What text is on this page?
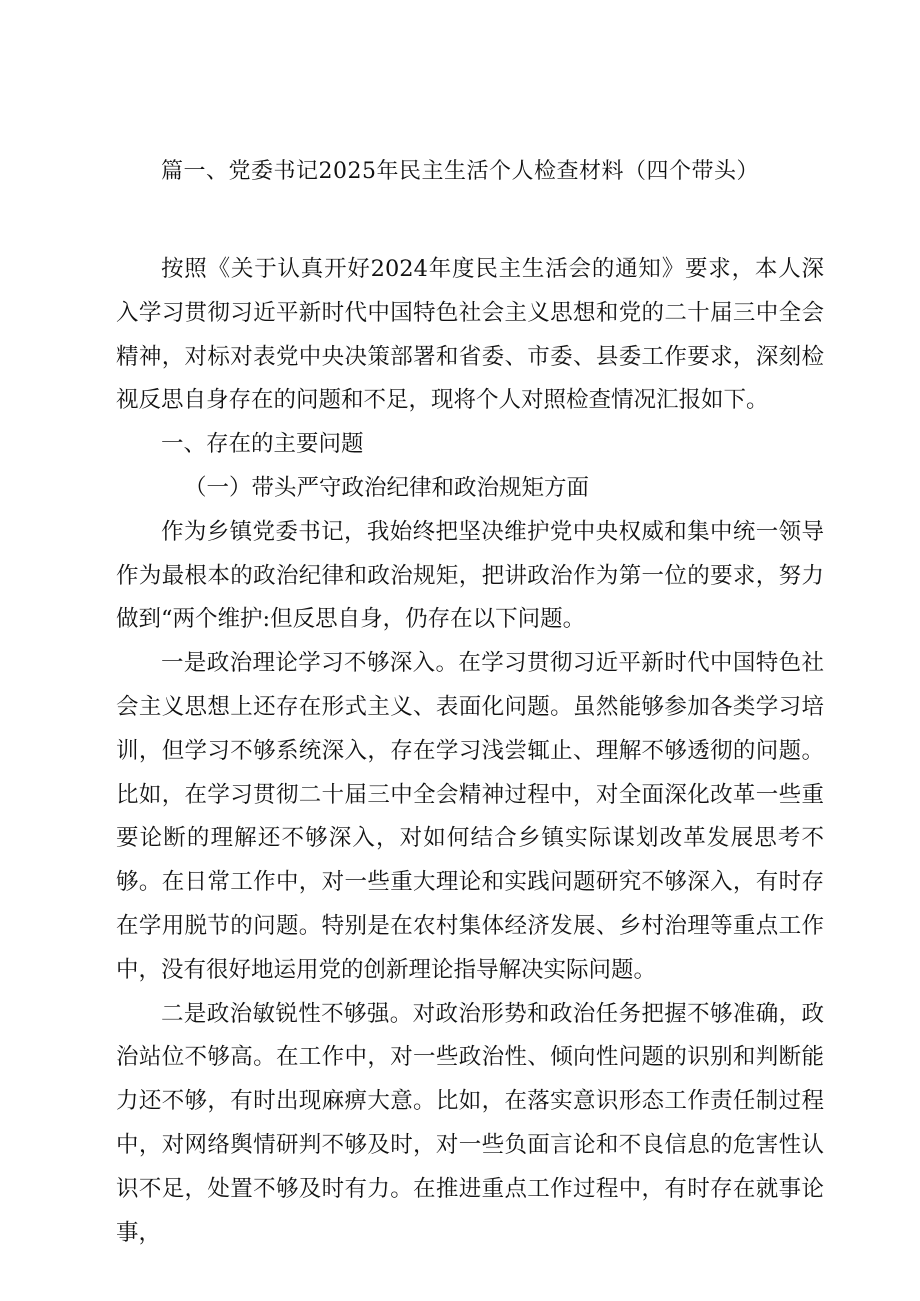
篇一、党委书记2025年民主生活个人检查材料（四个带头）

按照《关于认真开好2024年度民主生活会的通知》要求，本人深入学习贯彻习近平新时代中国特色社会主义思想和党的二十届三中全会精神，对标对表党中央决策部署和省委、市委、县委工作要求，深刻检视反思自身存在的问题和不足，现将个人对照检查情况汇报如下。

一、存在的主要问题

（一）带头严守政治纪律和政治规矩方面

作为乡镇党委书记，我始终把坚决维护党中央权威和集中统一领导作为最根本的政治纪律和政治规矩，把讲政治作为第一位的要求，努力做到“两个维护:但反思自身，仍存在以下问题。

一是政治理论学习不够深入。在学习贯彻习近平新时代中国特色社会主义思想上还存在形式主义、表面化问题。虽然能够参加各类学习培训，但学习不够系统深入，存在学习浅尝辄止、理解不够透彻的问题。比如，在学习贯彻二十届三中全会精神过程中，对全面深化改革一些重要论断的理解还不够深入，对如何结合乡镇实际谋划改革发展思考不够。在日常工作中，对一些重大理论和实践问题研究不够深入，有时存在学用脱节的问题。特别是在农村集体经济发展、乡村治理等重点工作中，没有很好地运用党的创新理论指导解决实际问题。

二是政治敏锐性不够强。对政治形势和政治任务把握不够准确，政治站位不够高。在工作中，对一些政治性、倾向性问题的识别和判断能力还不够，有时出现麻痹大意。比如，在落实意识形态工作责任制过程中，对网络舆情研判不够及时，对一些负面言论和不良信息的危害性认识不足，处置不够及时有力。在推进重点工作过程中，有时存在就事论事，
